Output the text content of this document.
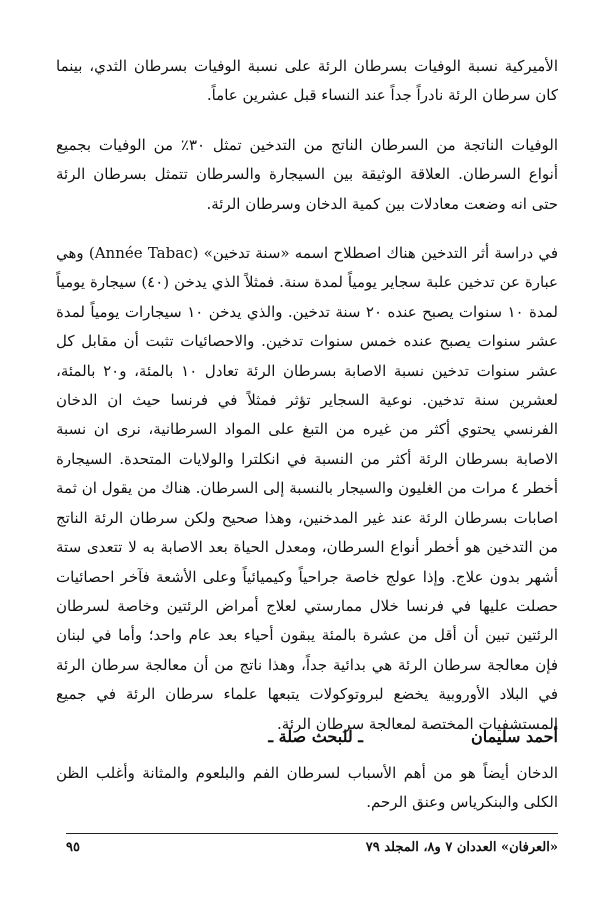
الأميركية نسبة الوفيات بسرطان الرئة على نسبة الوفيات بسرطان الثدي، بينما كان سرطان الرئة نادراً جداً عند النساء قبل عشرين عاماً.

الوفيات الناتجة من السرطان الناتج من التدخين تمثل ٣٠٪ من الوفيات بجميع أنواع السرطان. العلاقة الوثيقة بين السيجارة والسرطان تتمثل بسرطان الرئة حتى انه وضعت معادلات بين كمية الدخان وسرطان الرئة.

في دراسة أثر التدخين هناك اصطلاح اسمه «سنة تدخين» (Année Tabac) وهي عبارة عن تدخين علبة سجاير يومياً لمدة سنة. فمثلاً الذي يدخن (٤٠) سيجارة يومياً لمدة ١٠ سنوات يصبح عنده ٢٠ سنة تدخين. والذي يدخن ١٠ سيجارات يومياً لمدة عشر سنوات يصبح عنده خمس سنوات تدخين. والاحصائيات تثبت أن مقابل كل عشر سنوات تدخين نسبة الاصابة بسرطان الرئة تعادل ١٠ بالمئة، و٢٠ بالمئة، لعشرين سنة تدخين. نوعية السجاير تؤثر فمثلاً في فرنسا حيث ان الدخان الفرنسي يحتوي أكثر من غيره من التبغ على المواد السرطانية، نرى ان نسبة الاصابة بسرطان الرئة أكثر من النسبة في انكلترا والولايات المتحدة. السيجارة أخطر ٤ مرات من الغليون والسيجار بالنسبة إلى السرطان. هناك من يقول ان ثمة اصابات بسرطان الرئة عند غير المدخنين، وهذا صحيح ولكن سرطان الرئة الناتج من التدخين هو أخطر أنواع السرطان، ومعدل الحياة بعد الاصابة به لا تتعدى ستة أشهر بدون علاج. وإذا عولج خاصة جراحياً وكيميائياً وعلى الأشعة فآخر احصائيات حصلت عليها في فرنسا خلال ممارستي لعلاج أمراض الرئتين وخاصة لسرطان الرئتين تبين أن أقل من عشرة بالمئة يبقون أحياء بعد عام واحد؛ وأما في لبنان فإن معالجة سرطان الرئة هي بدائية جداً، وهذا ناتج من أن معالجة سرطان الرئة في البلاد الأوروبية يخضع لبروتوكولات يتبعها علماء سرطان الرئة في جميع المستشفيات المختصة لمعالجة سرطان الرئة.

الدخان أيضاً هو من أهم الأسباب لسرطان الفم والبلعوم والمثانة وأغلب الظن الكلى والبنكرياس وعنق الرحم.

أحمد سليمان
ـ للبحث صلة ـ
«العرفان» العددان ٧ و٨، المجلد ٧٩
٩٥
